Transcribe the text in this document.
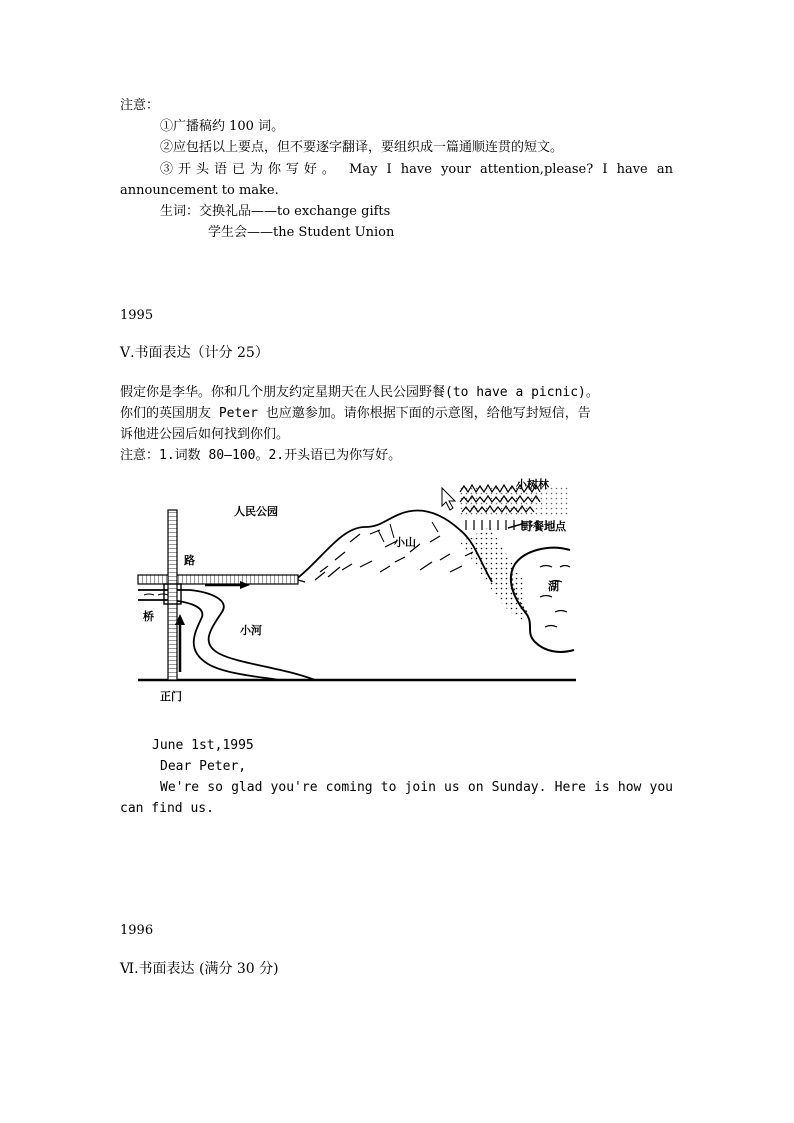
注意：
①广播稿约 100 词。
②应包括以上要点，但不要逐字翻译，要组织成一篇通顺连贯的短文。
③开头语已为你写好。 May I have your attention,please? I have an
announcement to make.
生词：交换礼品——to exchange gifts
学生会——the Student Union
1995
Ⅴ.书面表达（计分 25）
假定你是李华。你和几个朋友约定星期天在人民公园野餐(to have a picnic)。
你们的英国朋友 Peter 也应邀参加。请你根据下面的示意图，给他写封短信，告
诉他进公园后如何找到你们。
注意：1.词数 80—100。2.开头语已为你写好。
人民公园
路
桥
小河
小山
小树林
野餐地点
湖
正门
June 1st,1995
Dear Peter,
We're so glad you're coming to join us on Sunday. Here is how you
can find us.
1996
Ⅵ.书面表达 (满分 30 分)
